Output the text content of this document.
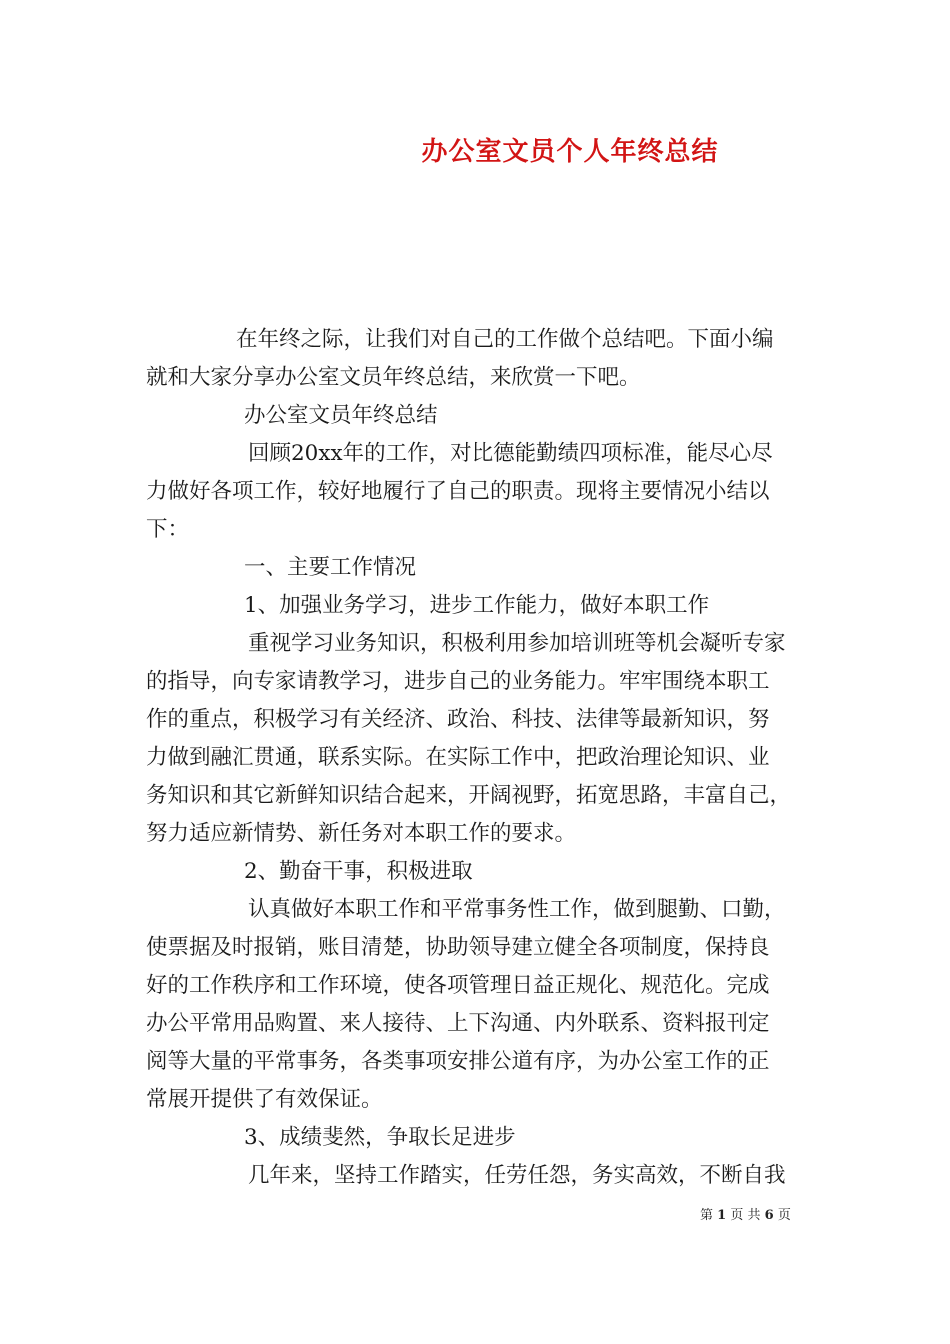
办公室文员个人年终总结

在年终之际，让我们对自己的工作做个总结吧。下面小编

就和大家分享办公室文员年终总结，来欣赏一下吧。

办公室文员年终总结

回顾20xx年的工作，对比德能勤绩四项标准，能尽心尽

力做好各项工作，较好地履行了自己的职责。现将主要情况小结以

下：

一、主要工作情况

1、加强业务学习，进步工作能力，做好本职工作

重视学习业务知识，积极利用参加培训班等机会凝听专家

的指导，向专家请教学习，进步自己的业务能力。牢牢围绕本职工

作的重点，积极学习有关经济、政治、科技、法律等最新知识，努

力做到融汇贯通，联系实际。在实际工作中，把政治理论知识、业

务知识和其它新鲜知识结合起来，开阔视野，拓宽思路，丰富自己，

努力适应新情势、新任务对本职工作的要求。

2、勤奋干事，积极进取

认真做好本职工作和平常事务性工作，做到腿勤、口勤，

使票据及时报销，账目清楚，协助领导建立健全各项制度，保持良

好的工作秩序和工作环境，使各项管理日益正规化、规范化。完成

办公平常用品购置、来人接待、上下沟通、内外联系、资料报刊定

阅等大量的平常事务，各类事项安排公道有序，为办公室工作的正

常展开提供了有效保证。

3、成绩斐然，争取长足进步

几年来，坚持工作踏实，任劳任怨，务实高效，不断自我

第 1 页 共 6 页
